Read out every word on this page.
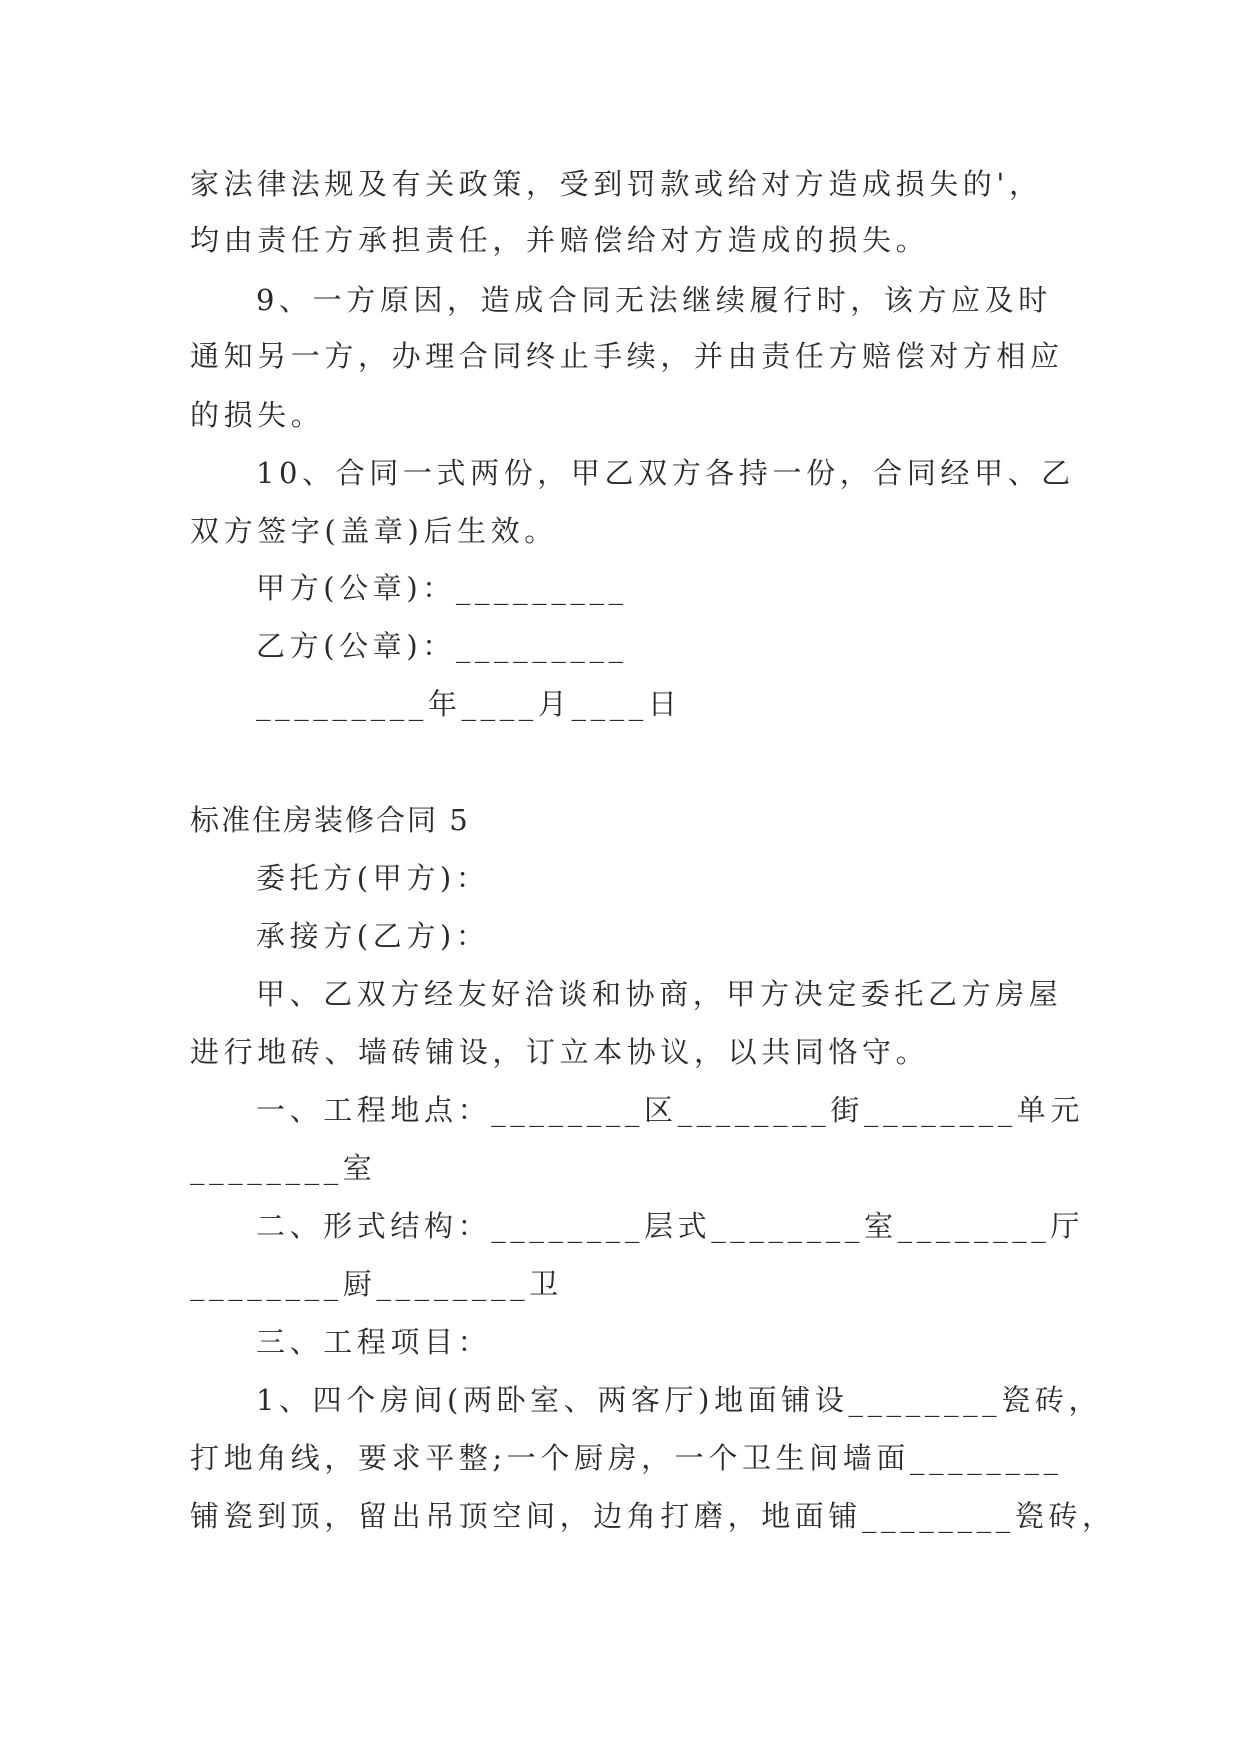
家法律法规及有关政策，受到罚款或给对方造成损失的'，
均由责任方承担责任，并赔偿给对方造成的损失。
9、一方原因，造成合同无法继续履行时，该方应及时
通知另一方，办理合同终止手续，并由责任方赔偿对方相应
的损失。
10、合同一式两份，甲乙双方各持一份，合同经甲、乙
双方签字(盖章)后生效。
甲方(公章)：_________
乙方(公章)：_________
_________年____月____日
标准住房装修合同 5
委托方(甲方)：
承接方(乙方)：
甲、乙双方经友好洽谈和协商，甲方决定委托乙方房屋
进行地砖、墙砖铺设，订立本协议，以共同恪守。
一、工程地点：________区________街________单元
________室
二、形式结构：________层式________室________厅
________厨________卫
三、工程项目：
1、四个房间(两卧室、两客厅)地面铺设________瓷砖，
打地角线，要求平整;一个厨房，一个卫生间墙面________
铺瓷到顶，留出吊顶空间，边角打磨，地面铺________瓷砖，
